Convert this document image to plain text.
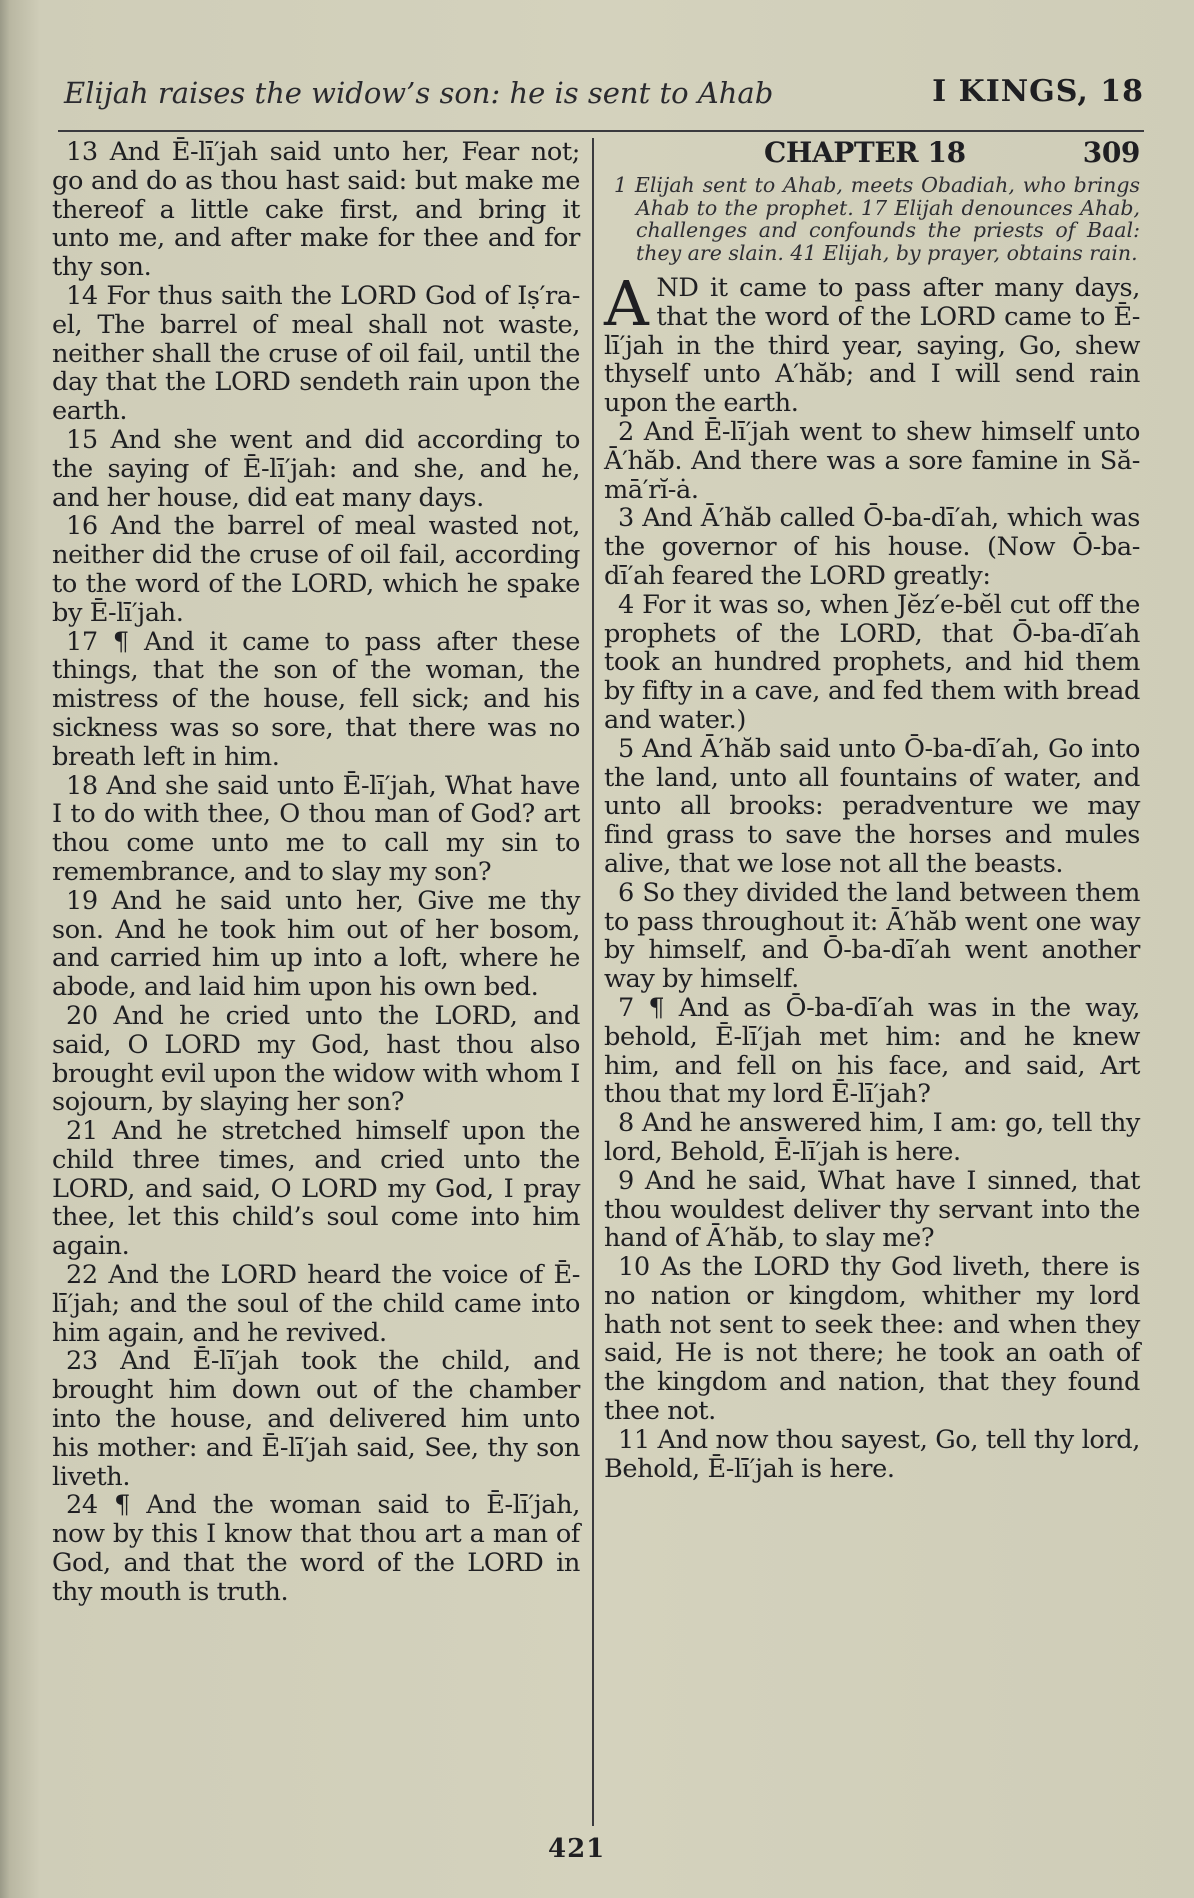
Elijah raises the widow’s son: he is sent to Ahab	I KINGS, 18

13 And Ē-lī′jah said unto her, Fear not; go and do as thou hast said: but make me thereof a little cake first, and bring it unto me, and after make for thee and for thy son.

14 For thus saith the LORD God of Iṣ′ra-el, The barrel of meal shall not waste, neither shall the cruse of oil fail, until the day that the LORD sendeth rain upon the earth.

15 And she went and did according to the saying of Ē-lī′jah: and she, and he, and her house, did eat many days.

16 And the barrel of meal wasted not, neither did the cruse of oil fail, according to the word of the LORD, which he spake by Ē-lī′jah.

17 ¶ And it came to pass after these things, that the son of the woman, the mistress of the house, fell sick; and his sickness was so sore, that there was no breath left in him.

18 And she said unto Ē-lī′jah, What have I to do with thee, O thou man of God? art thou come unto me to call my sin to remembrance, and to slay my son?

19 And he said unto her, Give me thy son. And he took him out of her bosom, and carried him up into a loft, where he abode, and laid him upon his own bed.

20 And he cried unto the LORD, and said, O LORD my God, hast thou also brought evil upon the widow with whom I sojourn, by slaying her son?

21 And he stretched himself upon the child three times, and cried unto the LORD, and said, O LORD my God, I pray thee, let this child’s soul come into him again.

22 And the LORD heard the voice of Ē-lī′jah; and the soul of the child came into him again, and he revived.

23 And Ē-lī′jah took the child, and brought him down out of the chamber into the house, and delivered him unto his mother: and Ē-lī′jah said, See, thy son liveth.

24 ¶ And the woman said to Ē-lī′jah, now by this I know that thou art a man of God, and that the word of the LORD in thy mouth is truth.

CHAPTER 18	309

1 Elijah sent to Ahab, meets Obadiah, who brings Ahab to the prophet. 17 Elijah denounces Ahab, challenges and confounds the priests of Baal: they are slain. 41 Elijah, by prayer, obtains rain.

A ND it came to pass after many days, that the word of the LORD came to Ē-lī′jah in the third year, saying, Go, shew thyself unto A′hăb; and I will send rain upon the earth.

2 And Ē-lī′jah went to shew himself unto Ā′hăb. And there was a sore famine in Să-mā′rĭ-ȧ.

3 And Ā′hăb called Ō-ba-dī′ah, which was the governor of his house. (Now Ō-ba-dī′ah feared the LORD greatly:

4 For it was so, when Jĕz′e-bĕl cut off the prophets of the LORD, that Ō-ba-dī′ah took an hundred prophets, and hid them by fifty in a cave, and fed them with bread and water.)

5 And Ā′hăb said unto Ō-ba-dī′ah, Go into the land, unto all fountains of water, and unto all brooks: peradventure we may find grass to save the horses and mules alive, that we lose not all the beasts.

6 So they divided the land between them to pass throughout it: Ā′hăb went one way by himself, and Ō-ba-dī′ah went another way by himself.

7 ¶ And as Ō-ba-dī′ah was in the way, behold, Ē-lī′jah met him: and he knew him, and fell on his face, and said, Art thou that my lord Ē-lī′jah?

8 And he answered him, I am: go, tell thy lord, Behold, Ē-lī′jah is here.

9 And he said, What have I sinned, that thou wouldest deliver thy servant into the hand of Ā′hăb, to slay me?

10 As the LORD thy God liveth, there is no nation or kingdom, whither my lord hath not sent to seek thee: and when they said, He is not there; he took an oath of the kingdom and nation, that they found thee not.

11 And now thou sayest, Go, tell thy lord, Behold, Ē-lī′jah is here.

421
